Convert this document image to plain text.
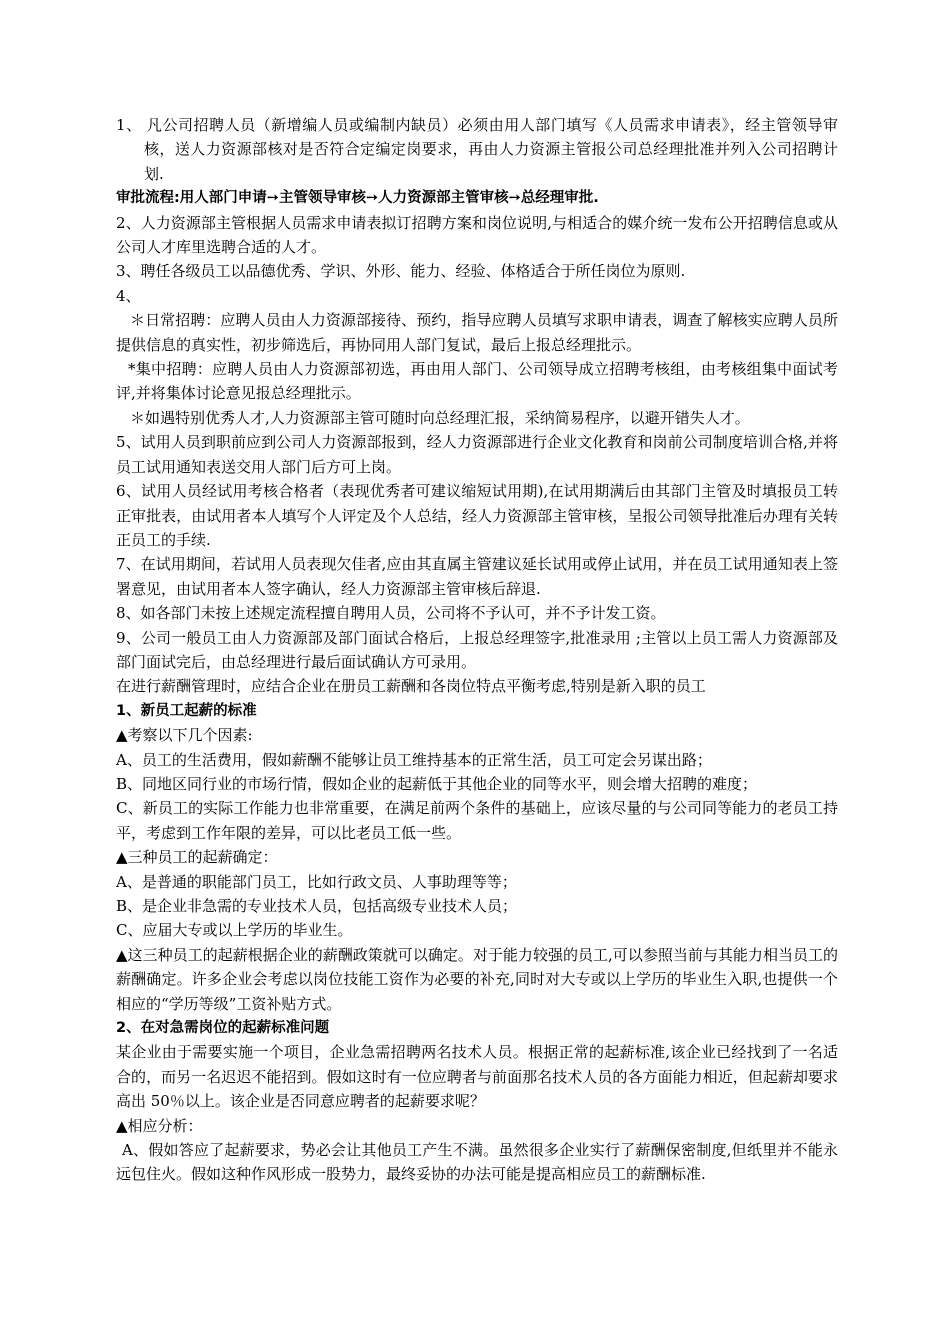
1、 凡公司招聘人员（新增编人员或编制内缺员）必须由用人部门填写《人员需求申请表》，经主管领导审核，送人力资源部核对是否符合定编定岗要求，再由人力资源主管报公司总经理批准并列入公司招聘计划.

审批流程:用人部门申请➙主管领导审核➙人力资源部主管审核➙总经理审批.

2、人力资源部主管根据人员需求申请表拟订招聘方案和岗位说明,与相适合的媒介统一发布公开招聘信息或从公司人才库里选聘合适的人才。

3、聘任各级员工以品德优秀、学识、外形、能力、经验、体格适合于所任岗位为原则.

4、

＊日常招聘：应聘人员由人力资源部接待、预约，指导应聘人员填写求职申请表，调查了解核实应聘人员所提供信息的真实性，初步筛选后，再协同用人部门复试，最后上报总经理批示。

*集中招聘：应聘人员由人力资源部初选，再由用人部门、公司领导成立招聘考核组，由考核组集中面试考评,并将集体讨论意见报总经理批示。

＊如遇特别优秀人才,人力资源部主管可随时向总经理汇报，采纳简易程序，以避开错失人才。

5、试用人员到职前应到公司人力资源部报到，经人力资源部进行企业文化教育和岗前公司制度培训合格,并将员工试用通知表送交用人部门后方可上岗。

6、试用人员经试用考核合格者（表现优秀者可建议缩短试用期),在试用期满后由其部门主管及时填报员工转正审批表，由试用者本人填写个人评定及个人总结，经人力资源部主管审核，呈报公司领导批准后办理有关转正员工的手续.

7、在试用期间，若试用人员表现欠佳者,应由其直属主管建议延长试用或停止试用，并在员工试用通知表上签署意见，由试用者本人签字确认，经人力资源部主管审核后辞退.

8、如各部门未按上述规定流程擅自聘用人员，公司将不予认可，并不予计发工资。

9、公司一般员工由人力资源部及部门面试合格后，上报总经理签字,批准录用 ;主管以上员工需人力资源部及部门面试完后，由总经理进行最后面试确认方可录用。

在进行薪酬管理时，应结合企业在册员工薪酬和各岗位特点平衡考虑,特别是新入职的员工

1、新员工起薪的标准

▲考察以下几个因素:

A、员工的生活费用，假如薪酬不能够让员工维持基本的正常生活，员工可定会另谋出路；

B、同地区同行业的市场行情，假如企业的起薪低于其他企业的同等水平，则会增大招聘的难度；

C、新员工的实际工作能力也非常重要，在满足前两个条件的基础上，应该尽量的与公司同等能力的老员工持平，考虑到工作年限的差异，可以比老员工低一些。

▲三种员工的起薪确定：

A、是普通的职能部门员工，比如行政文员、人事助理等等；

B、是企业非急需的专业技术人员，包括高级专业技术人员；

C、应届大专或以上学历的毕业生。

▲这三种员工的起薪根据企业的薪酬政策就可以确定。对于能力较强的员工,可以参照当前与其能力相当员工的薪酬确定。许多企业会考虑以岗位技能工资作为必要的补充,同时对大专或以上学历的毕业生入职,也提供一个相应的“学历等级”工资补贴方式。

2、在对急需岗位的起薪标准问题

某企业由于需要实施一个项目，企业急需招聘两名技术人员。根据正常的起薪标准,该企业已经找到了一名适合的，而另一名迟迟不能招到。假如这时有一位应聘者与前面那名技术人员的各方面能力相近，但起薪却要求高出 50％以上。该企业是否同意应聘者的起薪要求呢？

▲相应分析：

A、假如答应了起薪要求，势必会让其他员工产生不满。虽然很多企业实行了薪酬保密制度,但纸里并不能永远包住火。假如这种作风形成一股势力，最终妥协的办法可能是提高相应员工的薪酬标准.
